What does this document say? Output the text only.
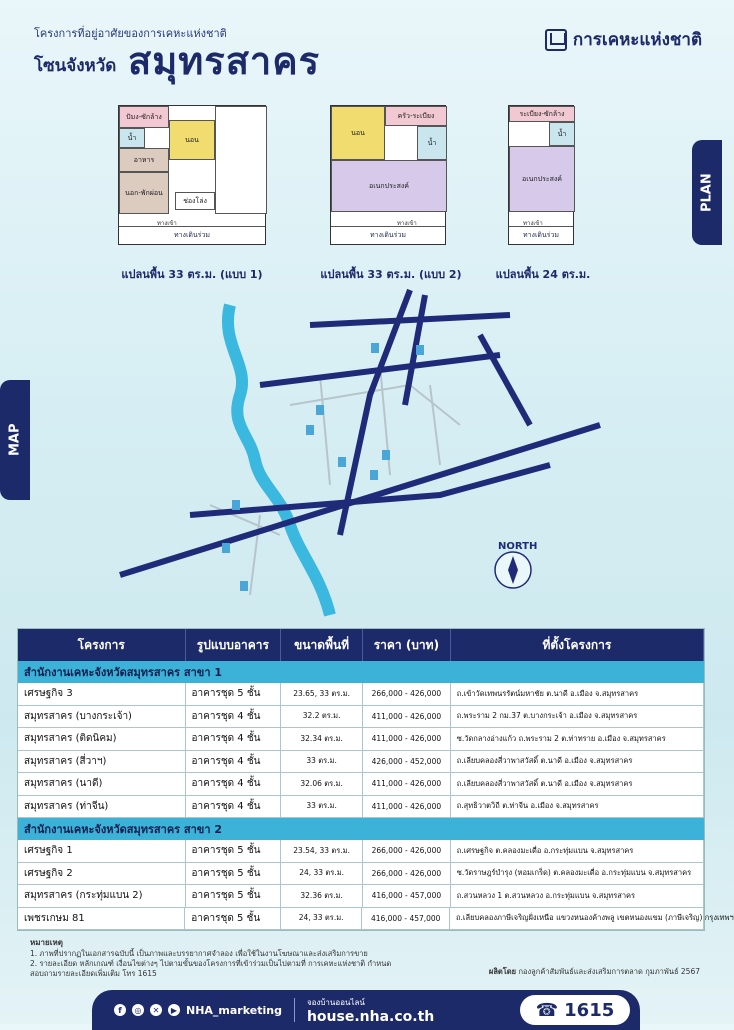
โครงการที่อยู่อาศัยของการเคหะแห่งชาติ
โซนจังหวัด สมุทรสาคร	การเคหะแห่งชาติ
PLAN
MAP
ปัมง-ซักล้าง
น้ำ	นอน
อาหาร
นอก-พักผ่อน
ช่องโล่ง
ทางเข้า
ทางเดินร่วม
แปลนพื้น 33 ตร.ม. (แบบ 1)
ครัว-ระเบียง
นอน
น้ำ
อเนกประสงค์
ทางเข้า
ทางเดินร่วม
แปลนพื้น 33 ตร.ม. (แบบ 2)
ระเบียง-ซักล้าง
น้ำ
อเนกประสงค์
ทางเข้า
ทางเดินร่วม
แปลนพื้น 24 ตร.ม.
NORTH
โครงการ	รูปแบบอาคาร	ขนาดพื้นที่	ราคา (บาท)	ที่ตั้งโครงการ
สำนักงานเคหะจังหวัดสมุทรสาคร สาขา 1
เศรษฐกิจ 3	อาคารชุด 5 ชั้น	23.65, 33 ตร.ม.	266,000 - 426,000	ถ.เข้าวัดเทพนรรัตน์มหาชัย ต.นาดี อ.เมือง จ.สมุทรสาคร
สมุทรสาคร (บางกระเจ้า)	อาคารชุด 4 ชั้น	32.2 ตร.ม.	411,000 - 426,000	ถ.พระราม 2 กม.37 ต.บางกระเจ้า อ.เมือง จ.สมุทรสาคร
สมุทรสาคร (ติดนิคม)	อาคารชุด 4 ชั้น	32.34 ตร.ม.	411,000 - 426,000	ซ.วัดกลางอ่างแก้ว ถ.พระราม 2 ต.ท่าทราย อ.เมือง จ.สมุทรสาคร
สมุทรสาคร (สี่วาฯ)	อาคารชุด 4 ชั้น	33 ตร.ม.	426,000 - 452,000	ถ.เลียบคลองสี่วาพาสวัสดิ์ ต.นาดี อ.เมือง จ.สมุทรสาคร
สมุทรสาคร (นาดี)	อาคารชุด 4 ชั้น	32.06 ตร.ม.	411,000 - 426,000	ถ.เลียบคลองสี่วาพาสวัสดิ์ ต.นาดี อ.เมือง จ.สมุทรสาคร
สมุทรสาคร (ท่าจีน)	อาคารชุด 4 ชั้น	33 ตร.ม.	411,000 - 426,000	ถ.สุทธิวาตวิถี ต.ท่าจีน อ.เมือง จ.สมุทรสาคร
สำนักงานเคหะจังหวัดสมุทรสาคร สาขา 2
เศรษฐกิจ 1	อาคารชุด 5 ชั้น	23.54, 33 ตร.ม.	266,000 - 426,000	ถ.เศรษฐกิจ ต.คลองมะเดื่อ อ.กระทุ่มแบน จ.สมุทรสาคร
เศรษฐกิจ 2	อาคารชุด 5 ชั้น	24, 33 ตร.ม.	266,000 - 426,000	ซ.วัดราษฎร์บำรุง (หอมเกร็ด) ต.คลองมะเดื่อ อ.กระทุ่มแบน จ.สมุทรสาคร
สมุทรสาคร (กระทุ่มแบน 2)	อาคารชุด 5 ชั้น	32.36 ตร.ม.	416,000 - 457,000	ถ.สวนหลวง 1 ต.สวนหลวง อ.กระทุ่มแบน จ.สมุทรสาคร
เพชรเกษม 81	อาคารชุด 5 ชั้น	24, 33 ตร.ม.	416,000 - 457,000	ถ.เลียบคลองภาษีเจริญฝั่งเหนือ แขวงหนองค้างพลู เขตหนองแขม (ภาษีเจริญ) กรุงเทพฯ
หมายเหตุ
1. ภาพที่ปรากฏในเอกสารฉบับนี้ เป็นภาพและบรรยากาศจำลอง เพื่อใช้ในงานโฆษณาและส่งเสริมการขาย
2. รายละเอียด หลักเกณฑ์ เงื่อนไขต่างๆ ไปตามขั้นของโครงการที่เข้าร่วมเป็นไปตามที่ การเคหะแห่งชาติ กำหนด
สอบถามรายละเอียดเพิ่มเติม โทร 1615	ผลิตโดย กองลูกค้าสัมพันธ์และส่งเสริมการตลาด กุมภาพันธ์ 2567
f	◎	✕	▶ NHA_marketing
จองบ้านออนไลน์
house.nha.co.th	☎ 1615
